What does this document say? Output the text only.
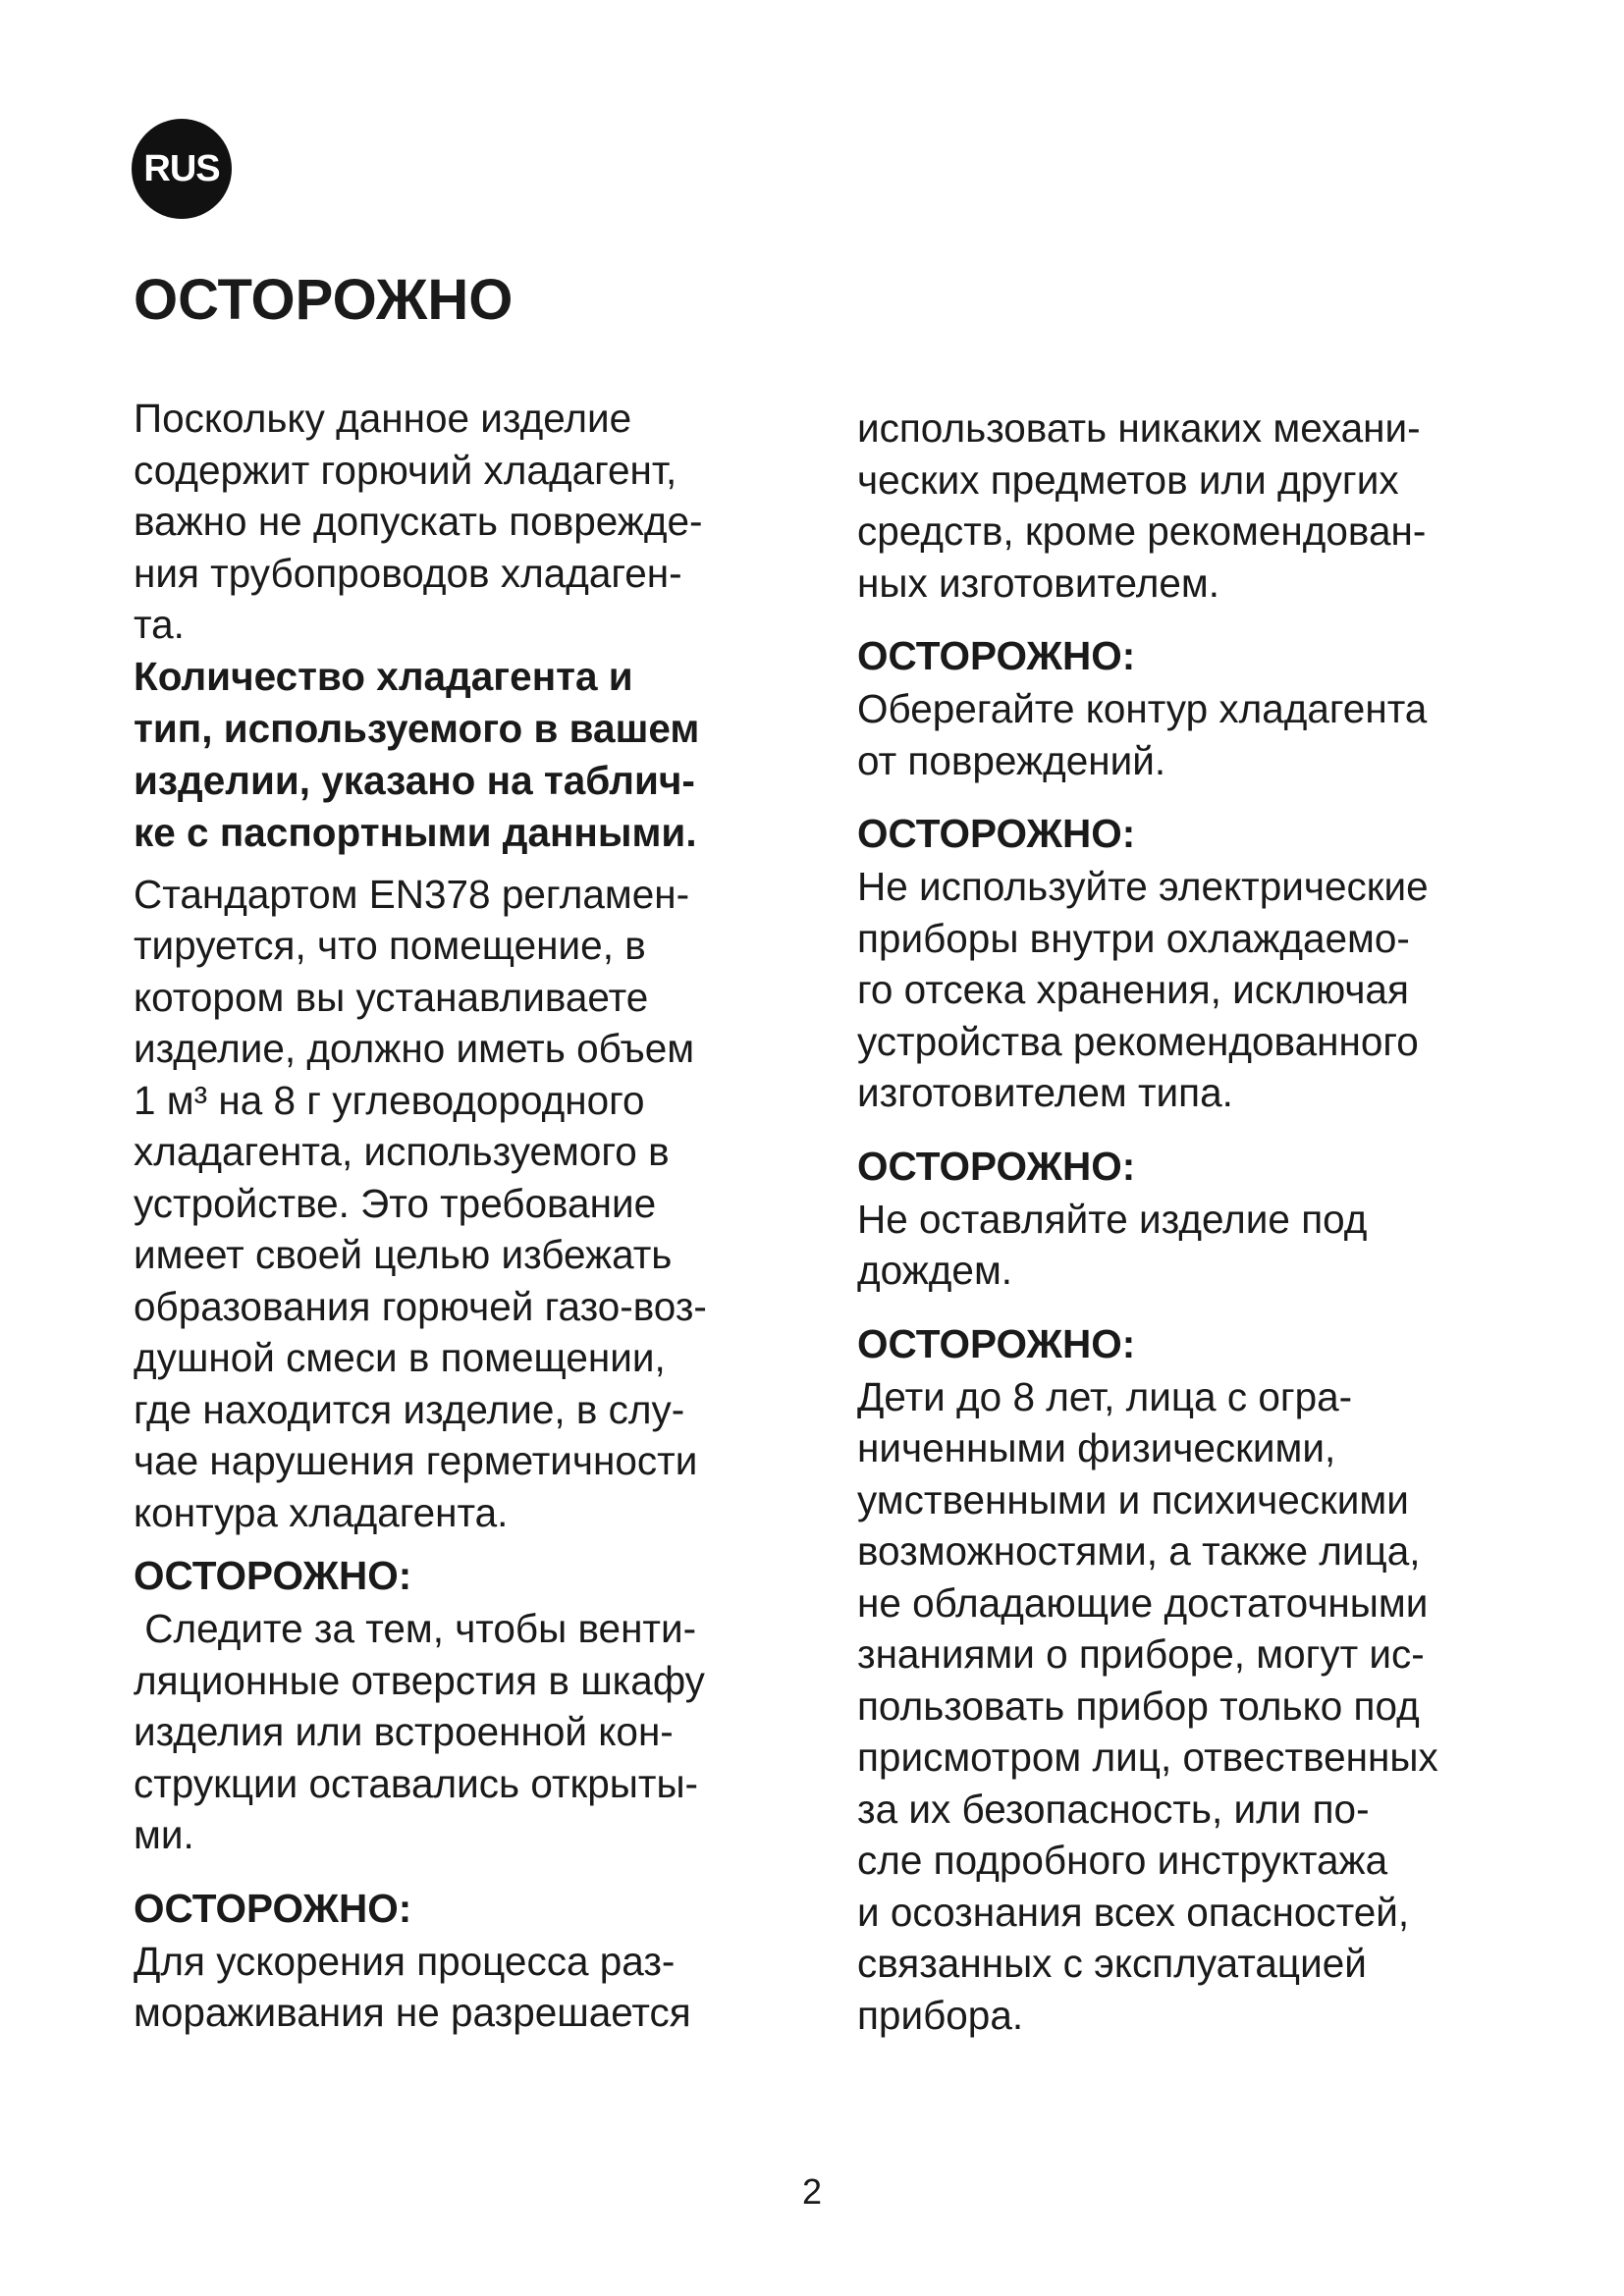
RUS
ОСТОРОЖНО
Поскольку данное изделие
содержит горючий хладагент,
важно не допускать поврежде-
ния трубопроводов хладаген-
та.
Количество хладагента и
тип, используемого в вашем
изделии, указано на таблич-
ке с паспортными данными.
Стандартом EN378 регламен-
тируется, что помещение, в
котором вы устанавливаете
изделие, должно иметь объем
1 м³ на 8 г углеводородного
хладагента, используемого в
устройстве. Это требование
имеет своей целью избежать
образования горючей газо-воз-
душной смеси в помещении,
где находится изделие, в слу-
чае нарушения герметичности
контура хладагента.
ОСТОРОЖНО:
Следите за тем, чтобы венти-
ляционные отверстия в шкафу
изделия или встроенной кон-
струкции оставались открыты-
ми.
ОСТОРОЖНО:
Для ускорения процесса раз-
мораживания не разрешается
использовать никаких механи-
ческих предметов или других
средств, кроме рекомендован-
ных изготовителем.
ОСТОРОЖНО:
Оберегайте контур хладагента
от повреждений.
ОСТОРОЖНО:
Не используйте электрические
приборы внутри охлаждаемо-
го отсека хранения, исключая
устройства рекомендованного
изготовителем типа.
ОСТОРОЖНО:
Не оставляйте изделие под
дождем.
ОСТОРОЖНО:
Дети до 8 лет, лица с огра-
ниченными физическими,
умственными и психическими
возможностями, а также лица,
не обладающие достаточными
знаниями о приборе, могут ис-
пользовать прибор только под
присмотром лиц, отвественных
за их безопасность, или по-
сле подробного инструктажа
и осознания всех опасностей,
связанных с эксплуатацией
прибора.
2
